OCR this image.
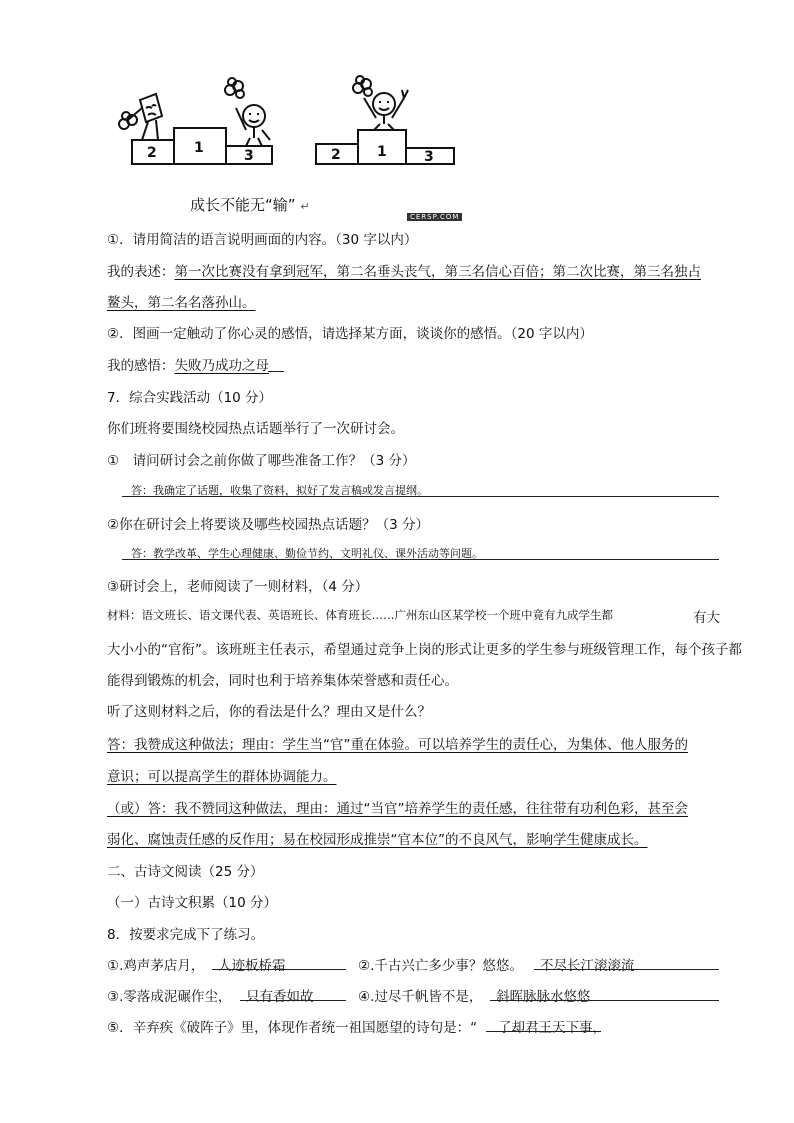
2	1	3	2	1	3
成长不能无“输” ↵
CERSP.COM
①．请用简洁的语言说明画面的内容。（30 字以内）
我的表述：第一次比赛没有拿到冠军，第二名垂头丧气，第三名信心百倍；第二次比赛，第三名独占
鳌头，第二名名落孙山。
②．图画一定触动了你心灵的感悟，请选择某方面，谈谈你的感悟。（20 字以内）
我的感悟：失败乃成功之母
7．综合实践活动（10 分）
你们班将要围绕校园热点话题举行了一次研讨会。
①　请问研讨会之前你做了哪些准备工作？（3 分）
答：我确定了话题，收集了资料，拟好了发言稿或发言提纲。
②你在研讨会上将要谈及哪些校园热点话题？（3 分）
答：教学改革、学生心理健康、勤俭节约、文明礼仪、课外活动等问题。
③研讨会上，老师阅读了一则材料，（4 分）
材料：语文班长、语文课代表、英语班长、体育班长……广州东山区某学校一个班中竟有九成学生都	有大
大小小的“官衔”。该班班主任表示，希望通过竞争上岗的形式让更多的学生参与班级管理工作，每个孩子都
能得到锻炼的机会，同时也利于培养集体荣誉感和责任心。
听了这则材料之后，你的看法是什么？理由又是什么？
答：我赞成这种做法；理由：学生当“官”重在体验。可以培养学生的责任心，为集体、他人服务的
意识；可以提高学生的群体协调能力。
（或）答：我不赞同这种做法，理由：通过“当官”培养学生的责任感，往往带有功利色彩，甚至会
弱化、腐蚀责任感的反作用；易在校园形成推崇“官本位”的不良风气，影响学生健康成长。
二、古诗文阅读（25 分）
（一）古诗文积累（10 分）
8．按要求完成下了练习。
①.鸡声茅店月， 人迹板桥霜	②.千古兴亡多少事？悠悠。 不尽长江滚滚流
③.零落成泥碾作尘， 只有香如故	④.过尽千帆皆不是， 斜晖脉脉水悠悠
⑤．辛弃疾《破阵子》里，体现作者统一祖国愿望的诗句是：“ 了却君王天下事，
